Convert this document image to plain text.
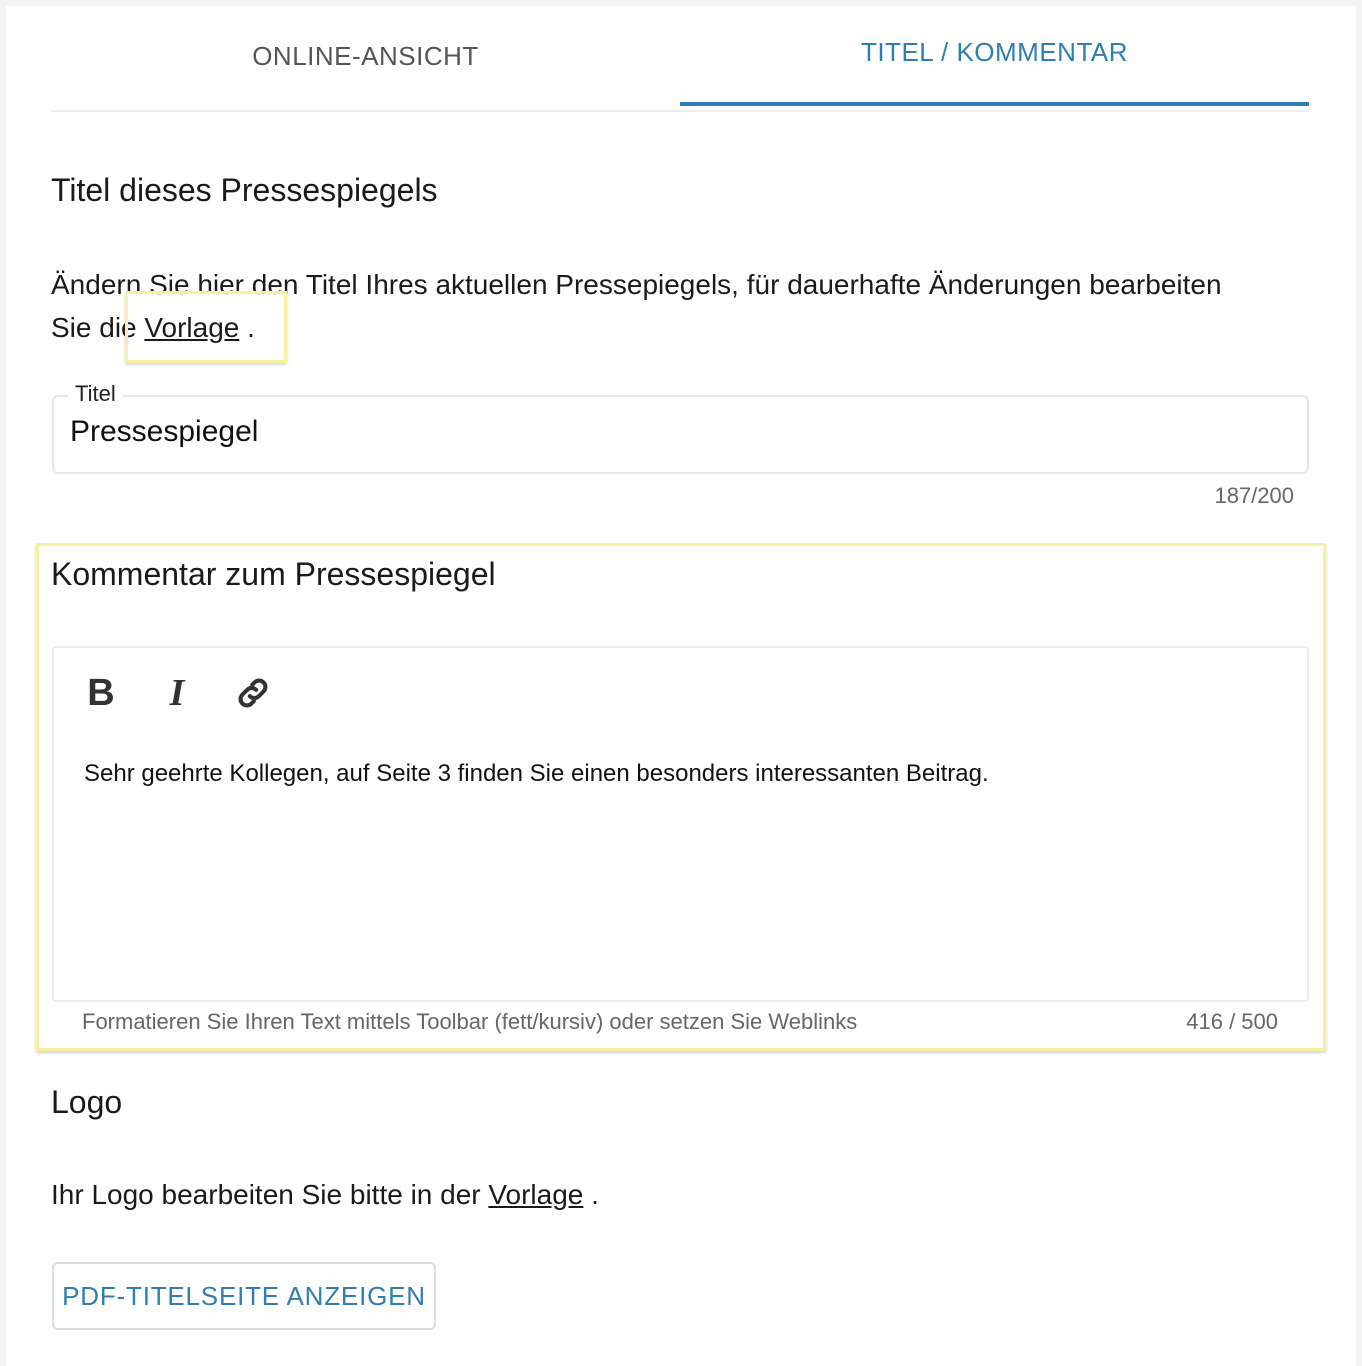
ONLINE-ANSICHT	TITEL / KOMMENTAR
Titel dieses Pressespiegels
Ändern Sie hier den Titel Ihres aktuellen Pressepiegels, für dauerhafte Änderungen bearbeiten
Sie die Vorlage .
Titel
Pressespiegel
187/200
Kommentar zum Pressespiegel
B	I
Sehr geehrte Kollegen, auf Seite 3 finden Sie einen besonders interessanten Beitrag.
Formatieren Sie Ihren Text mittels Toolbar (fett/kursiv) oder setzen Sie Weblinks	416 / 500
Logo
Ihr Logo bearbeiten Sie bitte in der Vorlage .
PDF-TITELSEITE ANZEIGEN
